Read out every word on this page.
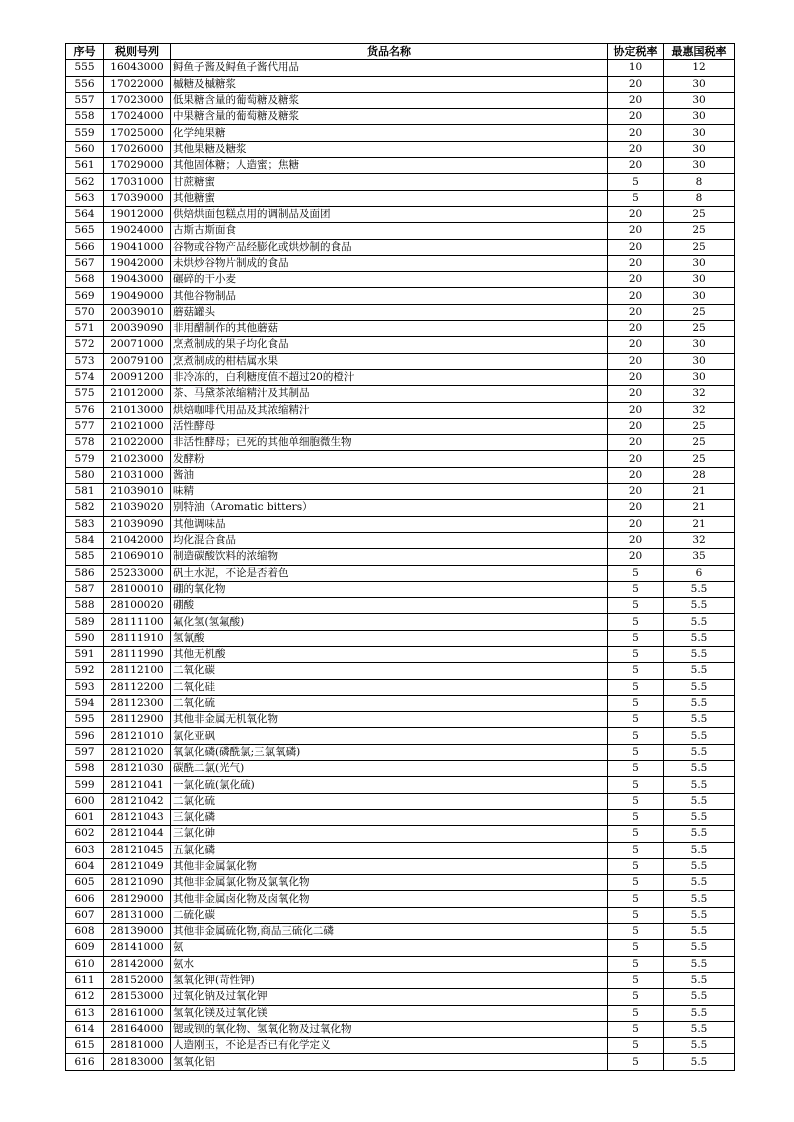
序号	税则号列	货品名称	协定税率	最惠国税率
555	16043000	鲟鱼子酱及鲟鱼子酱代用品	10	12
556	17022000	槭糖及槭糖浆	20	30
557	17023000	低果糖含量的葡萄糖及糖浆	20	30
558	17024000	中果糖含量的葡萄糖及糖浆	20	30
559	17025000	化学纯果糖	20	30
560	17026000	其他果糖及糖浆	20	30
561	17029000	其他固体糖；人造蜜；焦糖	20	30
562	17031000	甘蔗糖蜜	5	8
563	17039000	其他糖蜜	5	8
564	19012000	供焙烘面包糕点用的调制品及面团	20	25
565	19024000	古斯古斯面食	20	25
566	19041000	谷物或谷物产品经膨化或烘炒制的食品	20	25
567	19042000	未烘炒谷物片制成的食品	20	30
568	19043000	碾碎的干小麦	20	30
569	19049000	其他谷物制品	20	30
570	20039010	蘑菇罐头	20	25
571	20039090	非用醋制作的其他蘑菇	20	25
572	20071000	烹煮制成的果子均化食品	20	30
573	20079100	烹煮制成的柑桔属水果	20	30
574	20091200	非冷冻的，白利糖度值不超过20的橙汁	20	30
575	21012000	茶、马黛茶浓缩精汁及其制品	20	32
576	21013000	烘焙咖啡代用品及其浓缩精汁	20	32
577	21021000	活性酵母	20	25
578	21022000	非活性酵母；已死的其他单细胞微生物	20	25
579	21023000	发酵粉	20	25
580	21031000	酱油	20	28
581	21039010	味精	20	21
582	21039020	别特油（Aromatic bitters）	20	21
583	21039090	其他调味品	20	21
584	21042000	均化混合食品	20	32
585	21069010	制造碳酸饮料的浓缩物	20	35
586	25233000	矾土水泥，不论是否着色	5	6
587	28100010	硼的氧化物	5	5.5
588	28100020	硼酸	5	5.5
589	28111100	氟化氢(氢氟酸)	5	5.5
590	28111910	氢氰酸	5	5.5
591	28111990	其他无机酸	5	5.5
592	28112100	二氧化碳	5	5.5
593	28112200	二氧化硅	5	5.5
594	28112300	二氧化硫	5	5.5
595	28112900	其他非金属无机氧化物	5	5.5
596	28121010	氯化亚砜	5	5.5
597	28121020	氧氯化磷(磷酰氯;三氯氧磷)	5	5.5
598	28121030	碳酰二氯(光气)	5	5.5
599	28121041	一氯化硫(氯化硫)	5	5.5
600	28121042	二氯化硫	5	5.5
601	28121043	三氯化磷	5	5.5
602	28121044	三氯化砷	5	5.5
603	28121045	五氯化磷	5	5.5
604	28121049	其他非金属氯化物	5	5.5
605	28121090	其他非金属氯化物及氯氧化物	5	5.5
606	28129000	其他非金属卤化物及卤氧化物	5	5.5
607	28131000	二硫化碳	5	5.5
608	28139000	其他非金属硫化物,商品三硫化二磷	5	5.5
609	28141000	氨	5	5.5
610	28142000	氨水	5	5.5
611	28152000	氢氧化钾(苛性钾)	5	5.5
612	28153000	过氧化钠及过氧化钾	5	5.5
613	28161000	氢氧化镁及过氧化镁	5	5.5
614	28164000	锶或钡的氧化物、氢氧化物及过氧化物	5	5.5
615	28181000	人造刚玉，不论是否已有化学定义	5	5.5
616	28183000	氢氧化铝	5	5.5
